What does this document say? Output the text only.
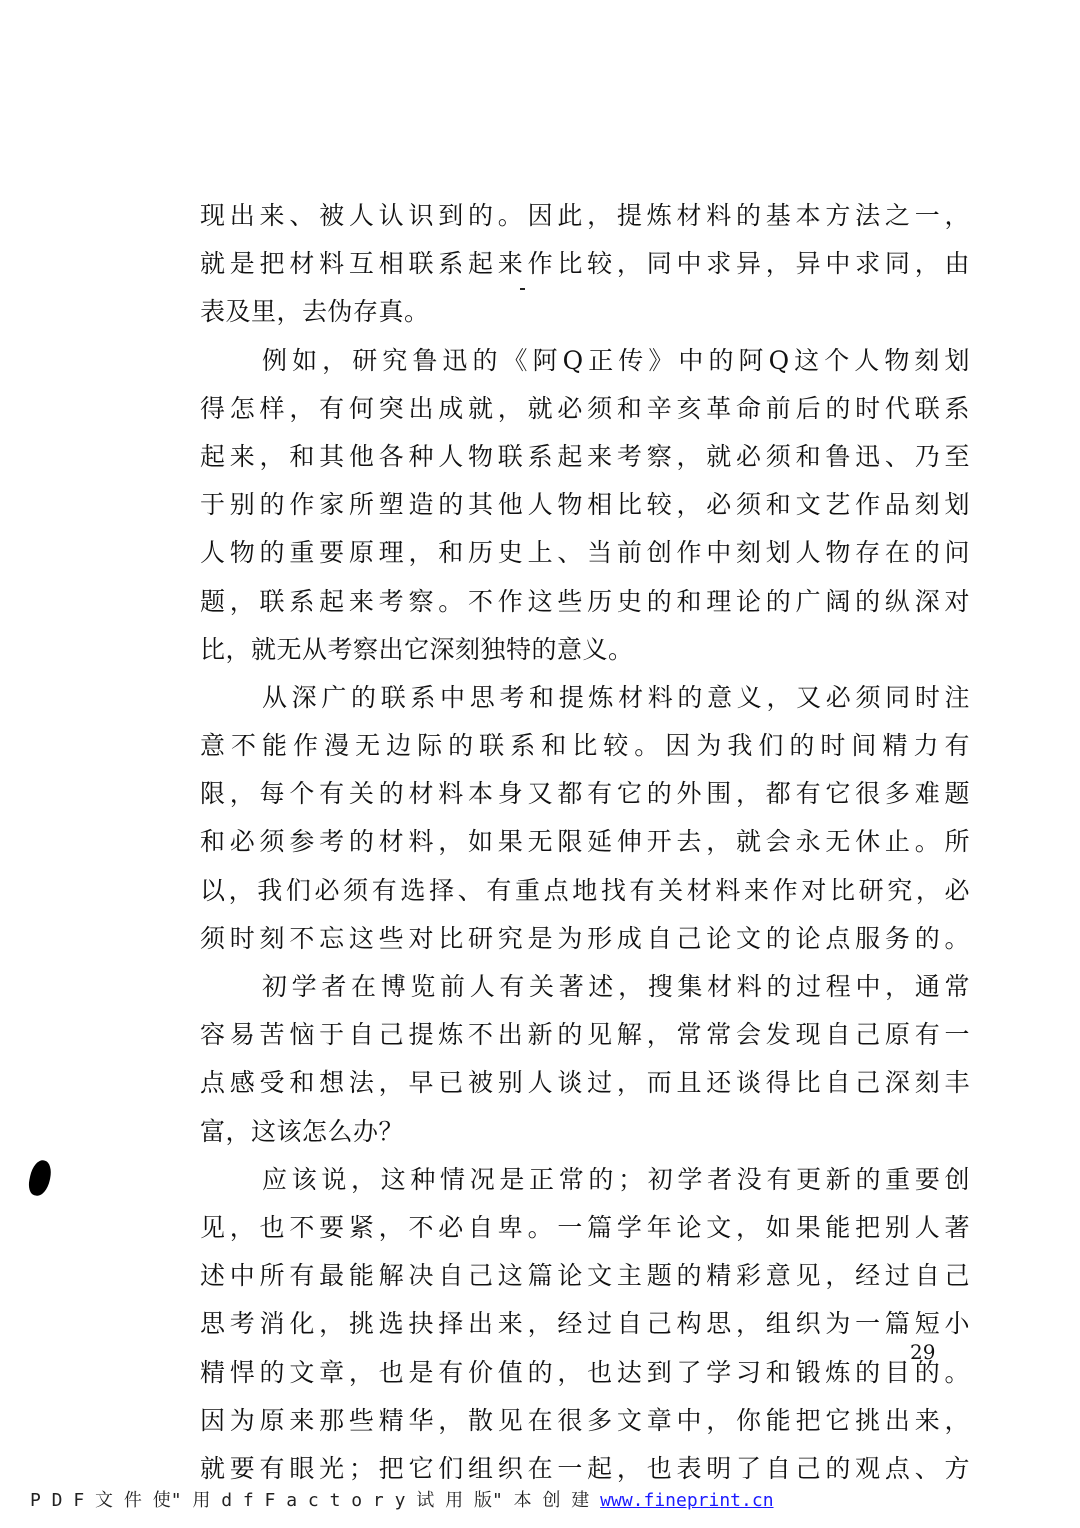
现出来、被人认识到的。因此，提炼材料的基本方法之一，
就是把材料互相联系起来作比较，同中求异，异中求同，由
表及里，去伪存真。
例如，研究鲁迅的《阿Q正传》中的阿Q这个人物刻划
得怎样，有何突出成就，就必须和辛亥革命前后的时代联系
起来，和其他各种人物联系起来考察，就必须和鲁迅、乃至
于别的作家所塑造的其他人物相比较，必须和文艺作品刻划
人物的重要原理，和历史上、当前创作中刻划人物存在的问
题，联系起来考察。不作这些历史的和理论的广阔的纵深对
比，就无从考察出它深刻独特的意义。
从深广的联系中思考和提炼材料的意义，又必须同时注
意不能作漫无边际的联系和比较。因为我们的时间精力有
限，每个有关的材料本身又都有它的外围，都有它很多难题
和必须参考的材料，如果无限延伸开去，就会永无休止。所
以，我们必须有选择、有重点地找有关材料来作对比研究，必
须时刻不忘这些对比研究是为形成自己论文的论点服务的。
初学者在博览前人有关著述，搜集材料的过程中，通常
容易苦恼于自己提炼不出新的见解，常常会发现自己原有一
点感受和想法，早已被别人谈过，而且还谈得比自己深刻丰
富，这该怎么办？
应该说，这种情况是正常的；初学者没有更新的重要创
见，也不要紧，不必自卑。一篇学年论文，如果能把别人著
述中所有最能解决自己这篇论文主题的精彩意见，经过自己
思考消化，挑选抉择出来，经过自己构思，组织为一篇短小
精悍的文章，也是有价值的，也达到了学习和锻炼的目的。
因为原来那些精华，散见在很多文章中，你能把它挑出来，
就要有眼光；把它们组织在一起，也表明了自己的观点、方
29
P D F 文 件 使" 用 d f F a c t o r y 试 用 版" 本 创 建 www.fineprint.cn
